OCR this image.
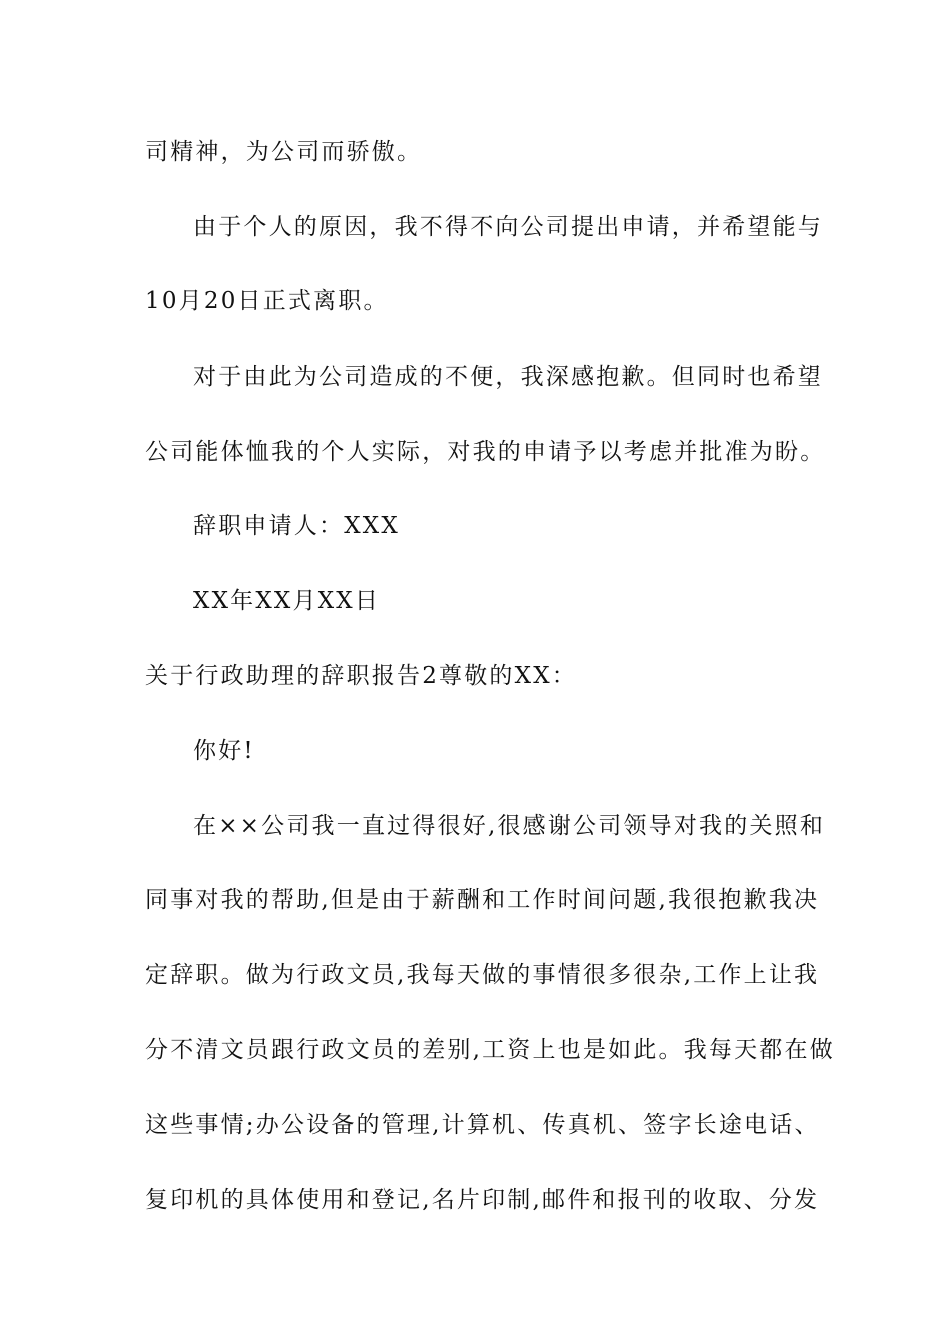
司精神，为公司而骄傲。
由于个人的原因，我不得不向公司提出申请，并希望能与
10月20日正式离职。
对于由此为公司造成的不便，我深感抱歉。但同时也希望
公司能体恤我的个人实际，对我的申请予以考虑并批准为盼。
辞职申请人：XXX
XX年XX月XX日
关于行政助理的辞职报告2尊敬的XX：
你好!
在××公司我一直过得很好,很感谢公司领导对我的关照和
同事对我的帮助,但是由于薪酬和工作时间问题,我很抱歉我决
定辞职。做为行政文员,我每天做的事情很多很杂,工作上让我
分不清文员跟行政文员的差别,工资上也是如此。我每天都在做
这些事情;办公设备的管理,计算机、传真机、签字长途电话、
复印机的具体使用和登记,名片印制,邮件和报刊的收取、分发
